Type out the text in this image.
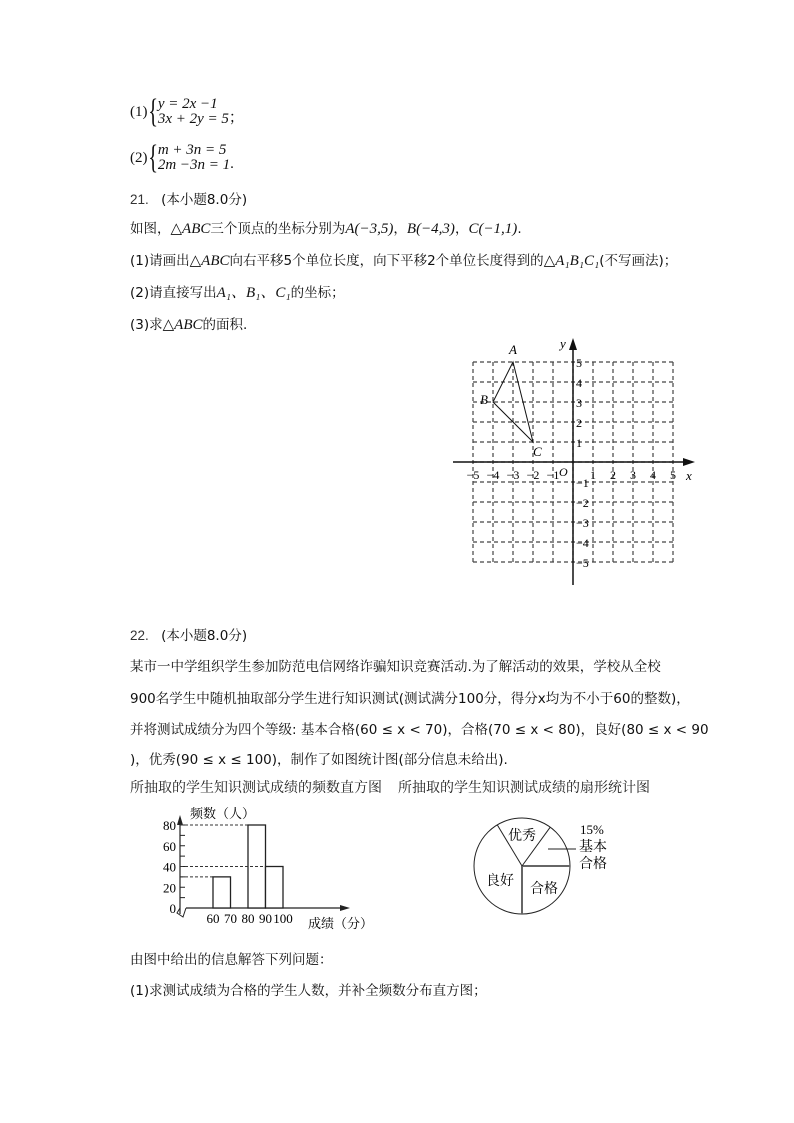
(1) { y = 2x −1
3x + 2y = 5 ；
(2) { m + 3n = 5
2m −3n = 1 .
21. (本小题8.0分)
如图，△ABC三个顶点的坐标分别为A(−3,5)，B(−4,3)，C(−1,1).
(1)请画出△ABC向右平移5个单位长度，向下平移2个单位长度得到的△A₁B₁C₁(不写画法)；
(2)请直接写出A₁、B₁、C₁的坐标；
(3)求△ABC的面积.
x
y
O
−5
−5
−4
−4
−3
−3
−2
−2
−1
−1
1
1
2
2
3
3
4
4
5
5
A
B
C
22. (本小题8.0分)
某市一中学组织学生参加防范电信网络诈骗知识竞赛活动.为了解活动的效果，学校从全校
900名学生中随机抽取部分学生进行知识测试(测试满分100分，得分x均为不小于60的整数)，
并将测试成绩分为四个等级: 基本合格(60 ≤ x < 70)，合格(70 ≤ x < 80)，良好(80 ≤ x < 90
)，优秀(90 ≤ x ≤ 100)，制作了如图统计图(部分信息未给出).
所抽取的学生知识测试成绩的频数直方图 所抽取的学生知识测试成绩的扇形统计图
0
20
40
60
80
60 70 80 90 100
频数（人）
成绩（分）
优秀
良好
合格
15%
基本
合格
由图中给出的信息解答下列问题：
(1)求测试成绩为合格的学生人数，并补全频数分布直方图；
